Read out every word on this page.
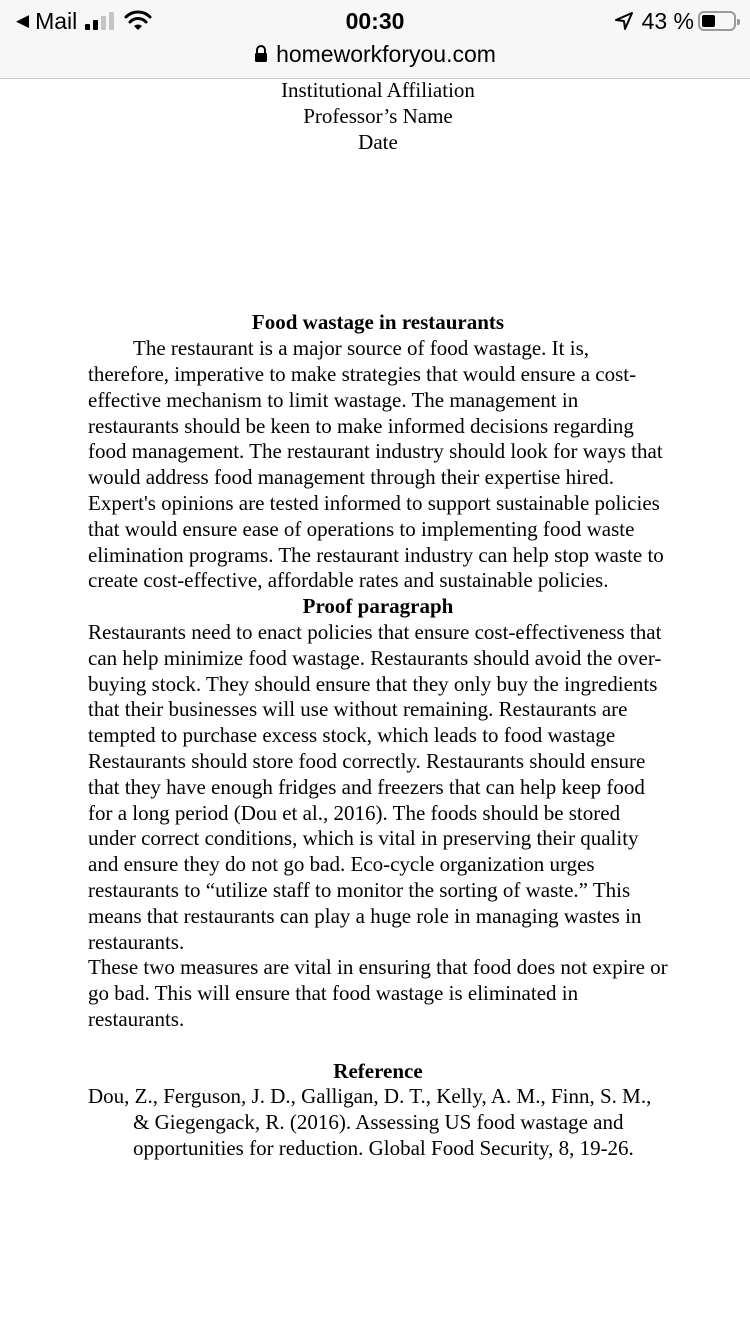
◀ Mail	00:30	43 %
homeworkforyou.com

Institutional Affiliation

Professor’s Name

Date

Food wastage in restaurants

The restaurant is a major source of food wastage. It is, therefore, imperative to make strategies that would ensure a cost-effective mechanism to limit wastage. The management in restaurants should be keen to make informed decisions regarding food management. The restaurant industry should look for ways that would address food management through their expertise hired. Expert's opinions are tested informed to support sustainable policies that would ensure ease of operations to implementing food waste elimination programs. The restaurant industry can help stop waste to create cost-effective, affordable rates and sustainable policies.

Proof paragraph

Restaurants need to enact policies that ensure cost-effectiveness that can help minimize food wastage. Restaurants should avoid the over-buying stock. They should ensure that they only buy the ingredients that their businesses will use without remaining. Restaurants are tempted to purchase excess stock, which leads to food wastage

Restaurants should store food correctly. Restaurants should ensure that they have enough fridges and freezers that can help keep food for a long period (Dou et al., 2016). The foods should be stored under correct conditions, which is vital in preserving their quality and ensure they do not go bad. Eco-cycle organization urges restaurants to “utilize staff to monitor the sorting of waste.” This means that restaurants can play a huge role in managing wastes in restaurants.

These two measures are vital in ensuring that food does not expire or go bad. This will ensure that food wastage is eliminated in restaurants.

Reference

Dou, Z., Ferguson, J. D., Galligan, D. T., Kelly, A. M., Finn, S. M., & Giegengack, R. (2016). Assessing US food wastage and opportunities for reduction. Global Food Security, 8, 19-26.
